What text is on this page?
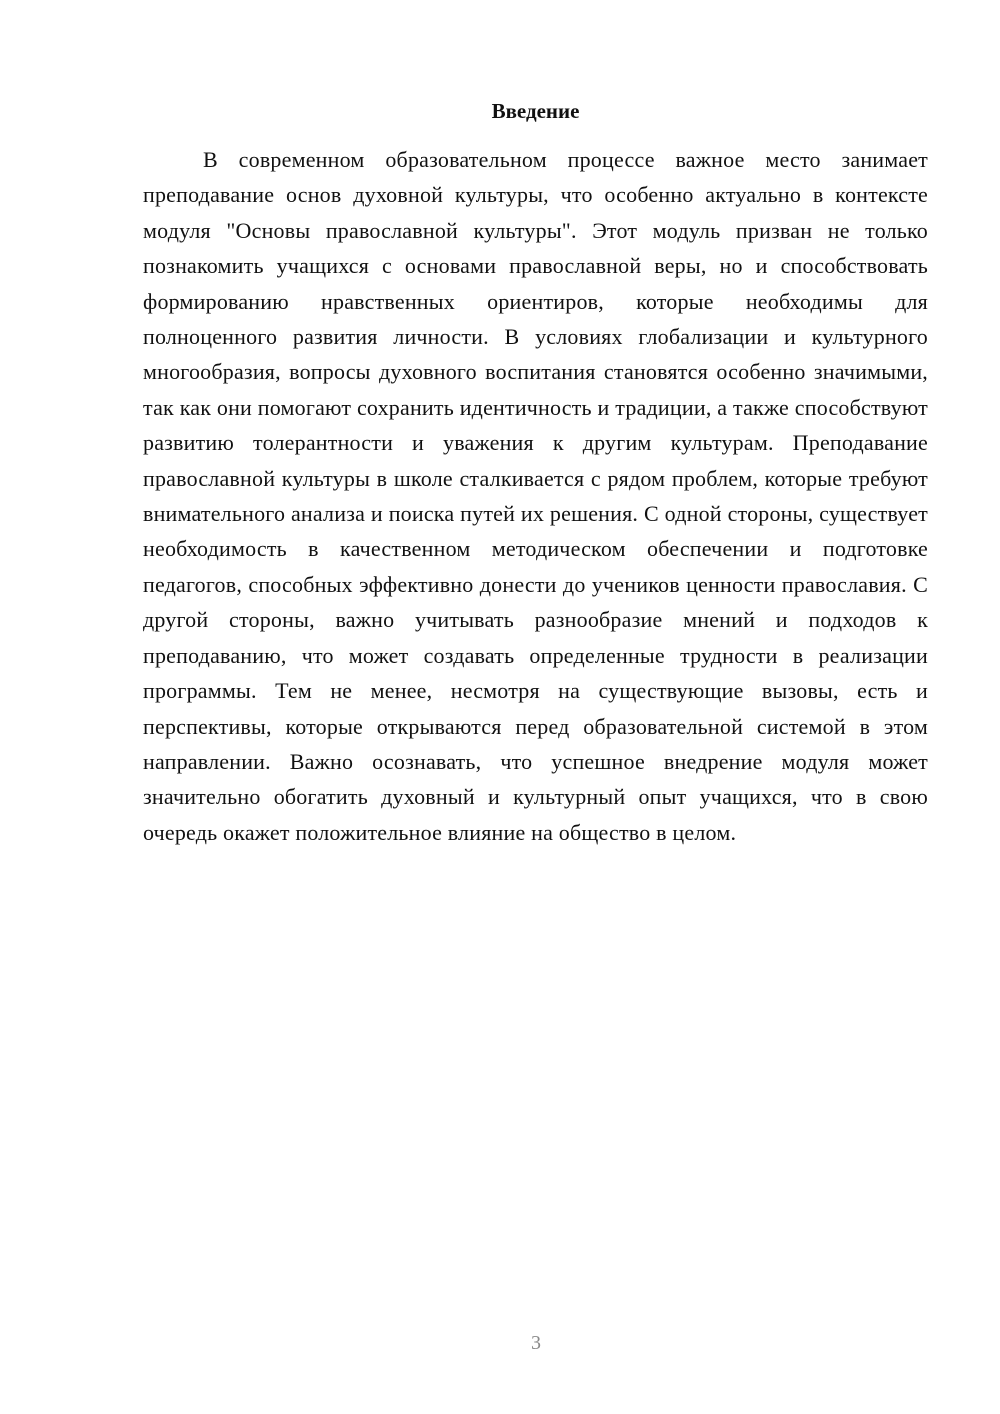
Введение

В современном образовательном процессе важное место занимает преподавание основ духовной культуры, что особенно актуально в контексте модуля "Основы православной культуры". Этот модуль призван не только познакомить учащихся с основами православной веры, но и способствовать формированию нравственных ориентиров, которые необходимы для полноценного развития личности. В условиях глобализации и культурного многообразия, вопросы духовного воспитания становятся особенно значимыми, так как они помогают сохранить идентичность и традиции, а также способствуют развитию толерантности и уважения к другим культурам. Преподавание православной культуры в школе сталкивается с рядом проблем, которые требуют внимательного анализа и поиска путей их решения. С одной стороны, существует необходимость в качественном методическом обеспечении и подготовке педагогов, способных эффективно донести до учеников ценности православия. С другой стороны, важно учитывать разнообразие мнений и подходов к преподаванию, что может создавать определенные трудности в реализации программы. Тем не менее, несмотря на существующие вызовы, есть и перспективы, которые открываются перед образовательной системой в этом направлении. Важно осознавать, что успешное внедрение модуля может значительно обогатить духовный и культурный опыт учащихся, что в свою очередь окажет положительное влияние на общество в целом.

3
